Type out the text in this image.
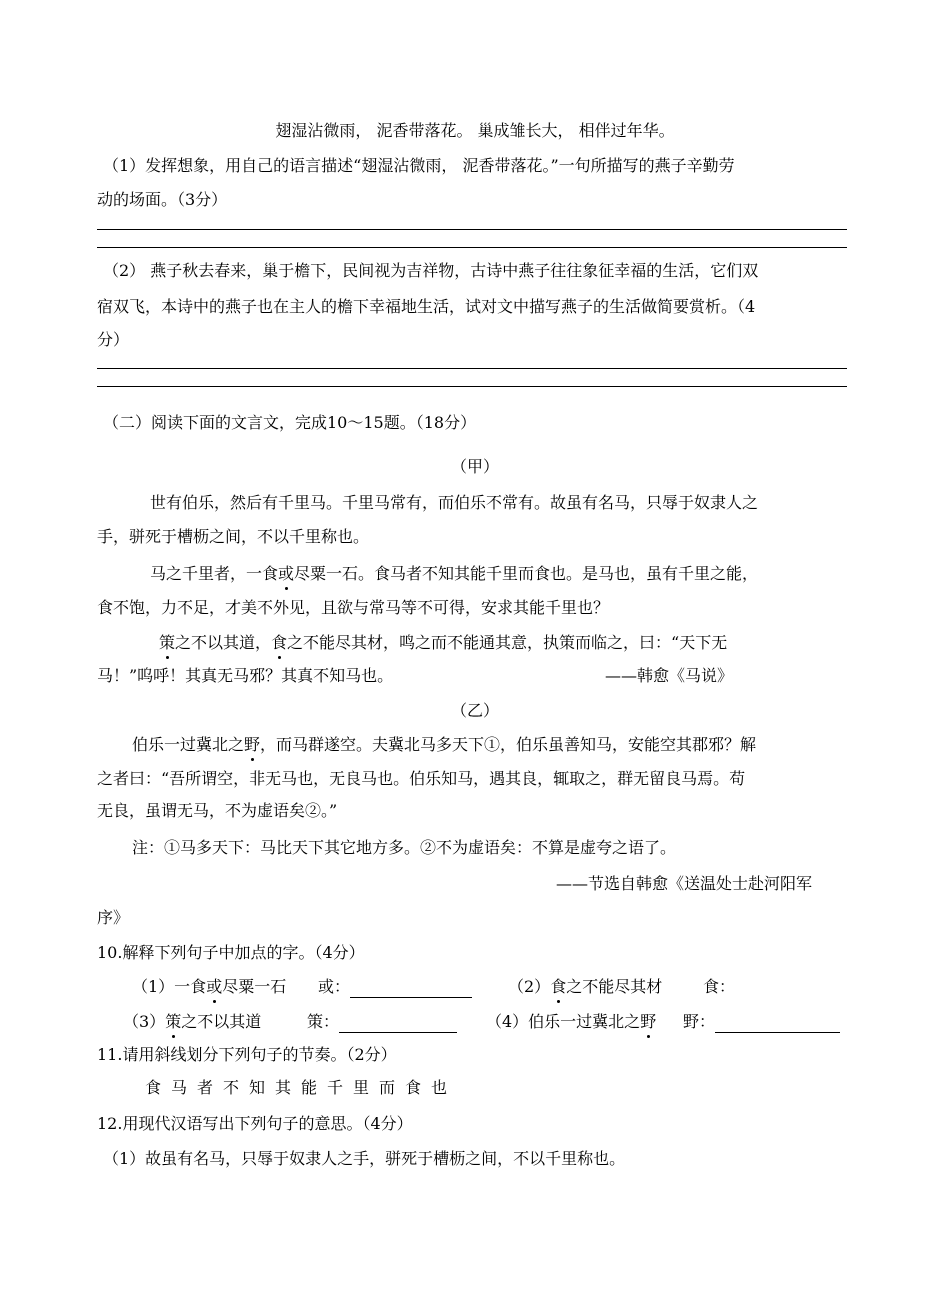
翅湿沾微雨， 泥香带落花。 巢成雏长大， 相伴过年华。
（1）发挥想象，用自己的语言描述“翅湿沾微雨， 泥香带落花。”一句所描写的燕子辛勤劳
动的场面。（3分）
（2） 燕子秋去春来，巢于檐下，民间视为吉祥物，古诗中燕子往往象征幸福的生活，它们双
宿双飞，本诗中的燕子也在主人的檐下幸福地生活，试对文中描写燕子的生活做简要赏析。（4
分）
（二）阅读下面的文言文，完成10～15题。（18分）
（甲）
世有伯乐，然后有千里马。千里马常有，而伯乐不常有。故虽有名马，只辱于奴隶人之
手，骈死于槽枥之间，不以千里称也。
马之千里者，一食或尽粟一石。食马者不知其能千里而食也。是马也，虽有千里之能，
食不饱，力不足，才美不外见，且欲与常马等不可得，安求其能千里也？
策之不以其道，食之不能尽其材，鸣之而不能通其意，执策而临之，曰：“天下无
马！”呜呼！其真无马邪？其真不知马也。	——韩愈《马说》
（乙）
伯乐一过冀北之野，而马群遂空。夫冀北马多天下①，伯乐虽善知马，安能空其郡邪？解
之者曰：“吾所谓空，非无马也，无良马也。伯乐知马，遇其良，辄取之，群无留良马焉。苟
无良，虽谓无马，不为虚语矣②。”
注：①马多天下：马比天下其它地方多。②不为虚语矣：不算是虚夸之语了。
——节选自韩愈《送温处士赴河阳军
序》
10.解释下列句子中加点的字。（4分）
（1）一食或尽粟一石 或：	（2）食之不能尽其材	食：
（3）策之不以其道	策：	（4）伯乐一过冀北之野 野：
11.请用斜线划分下列句子的节奏。（2分）
食马者不知其能千里而食也
12.用现代汉语写出下列句子的意思。（4分）
（1）故虽有名马，只辱于奴隶人之手，骈死于槽枥之间，不以千里称也。
